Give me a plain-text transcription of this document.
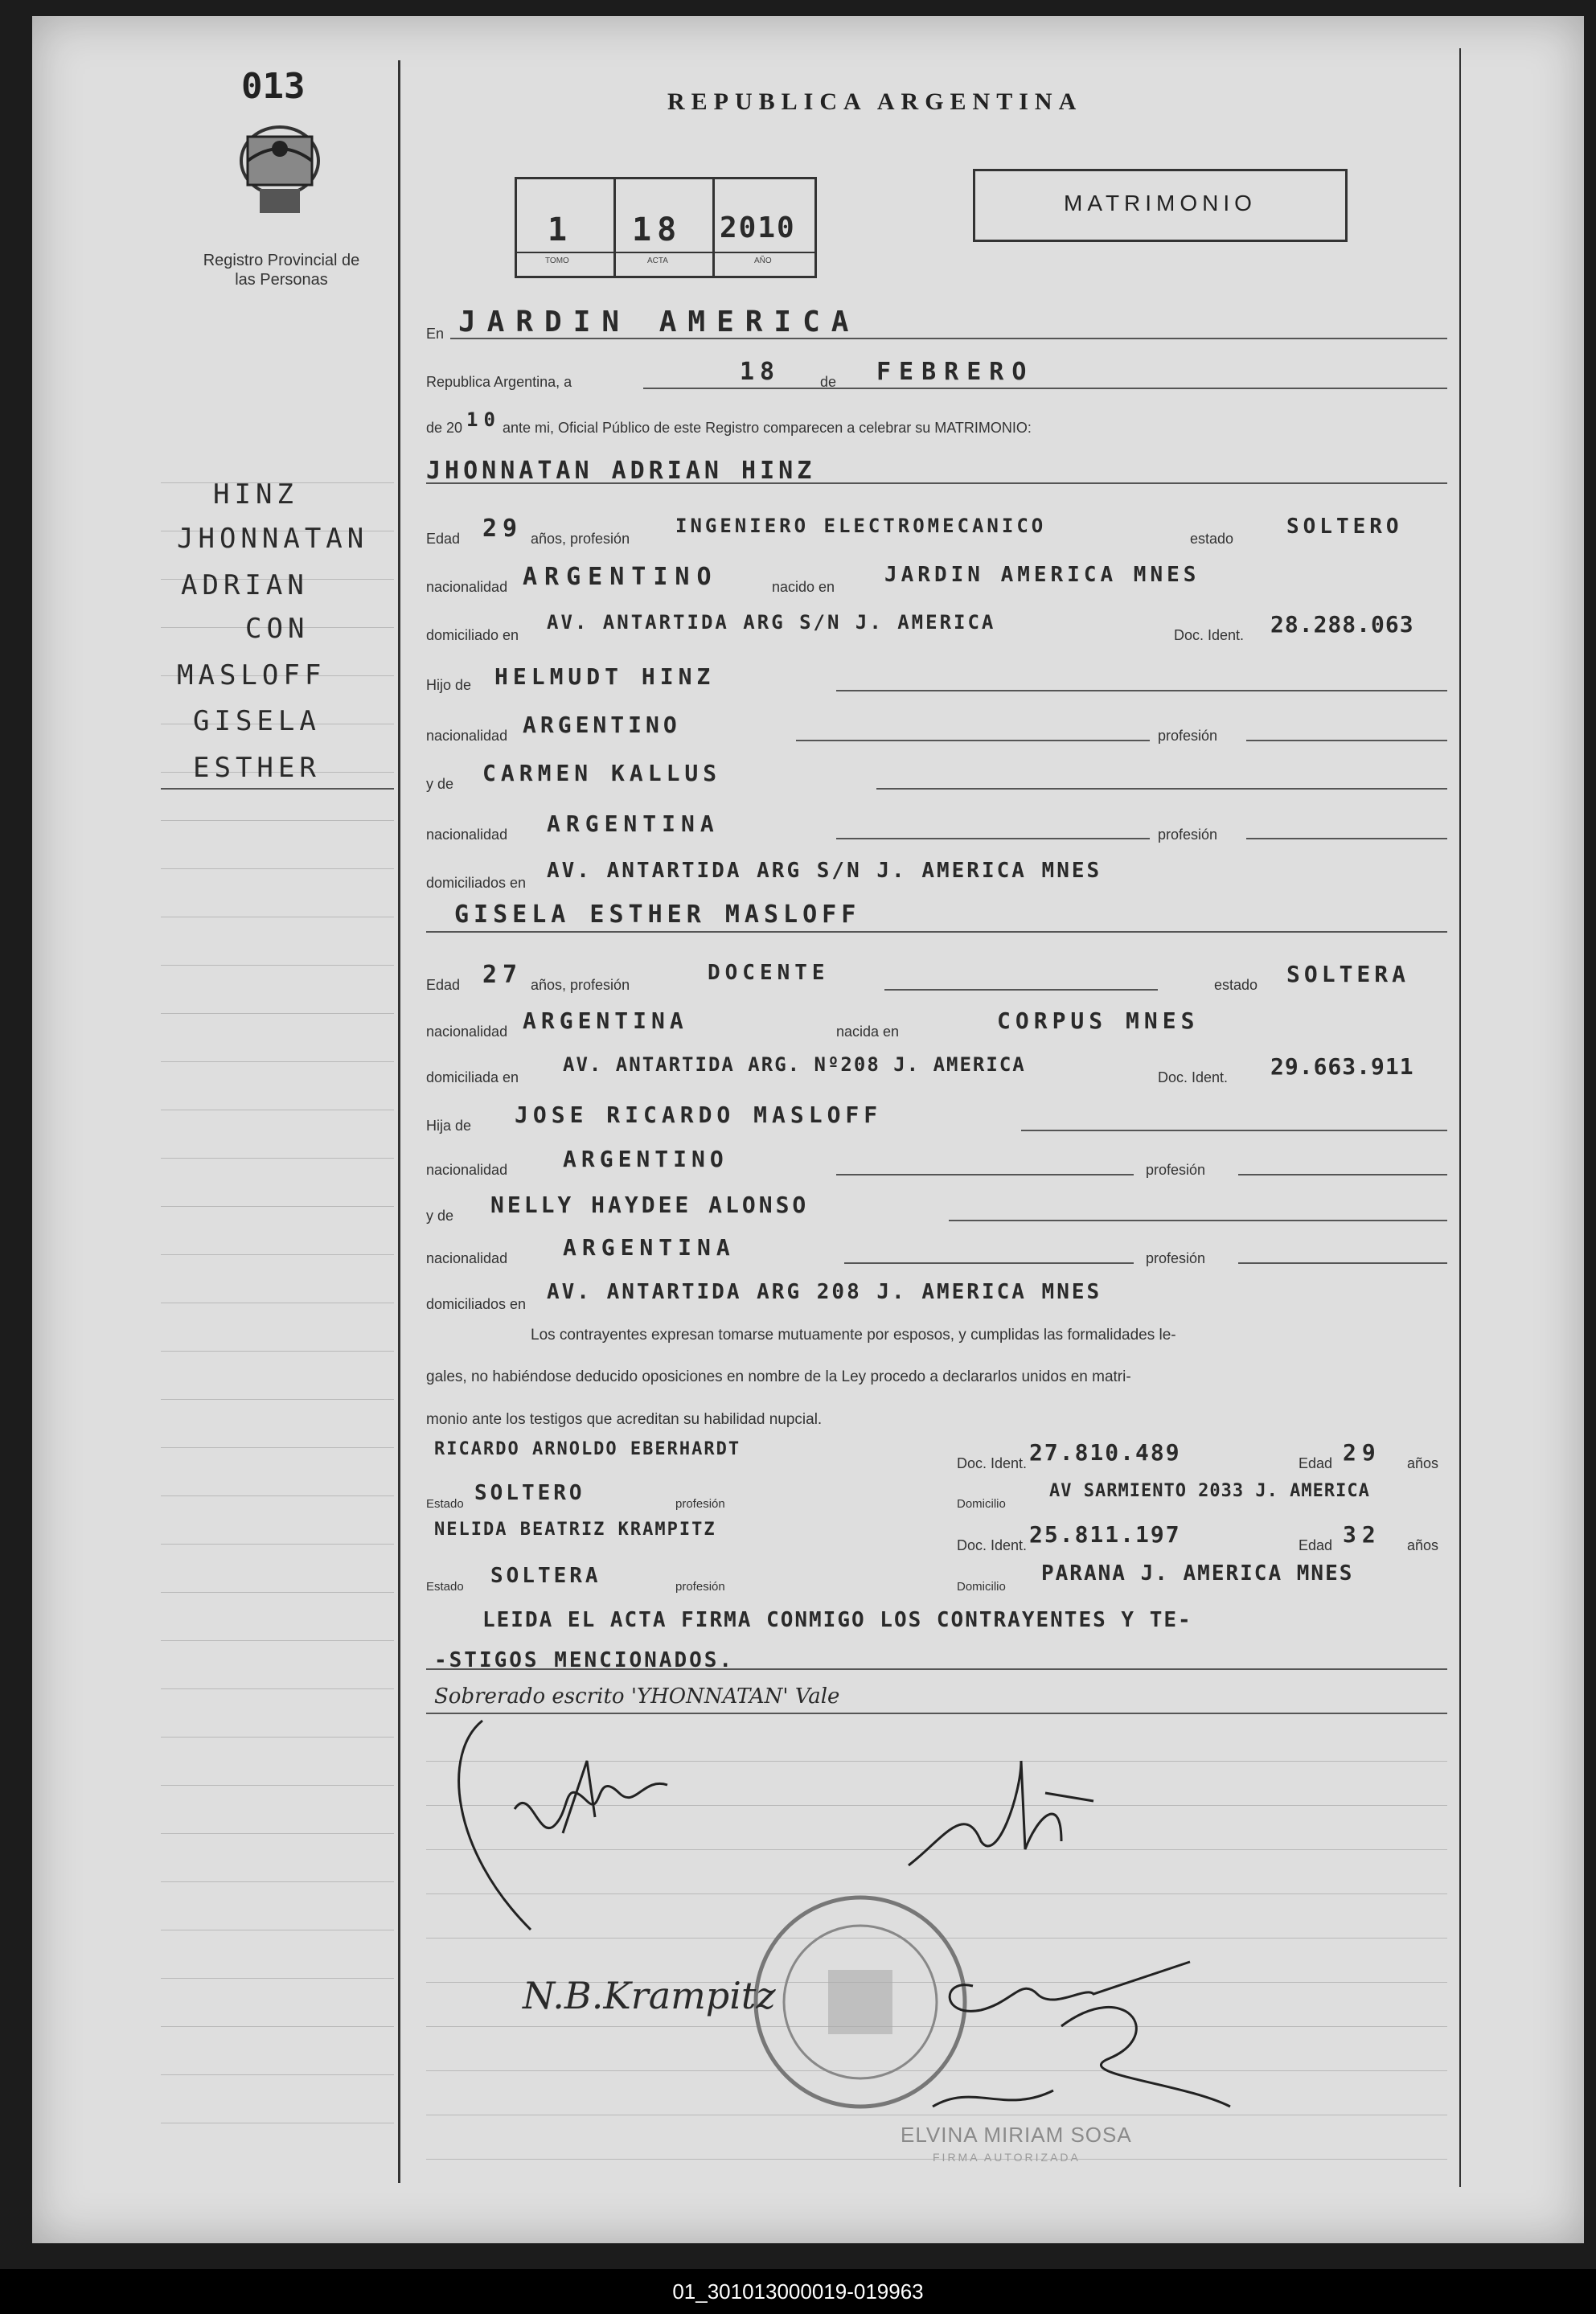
013
Registro Provincial de las Personas
REPUBLICA ARGENTINA
1 18 2010
TOMO	ACTA	AÑO
MATRIMONIO
HINZ
JHONNATAN
ADRIAN
CON
MASLOFF
GISELA
ESTHER
En JARDIN AMERICA
Republica Argentina, a	18	de FEBRERO
de 20 10 ante mi, Oficial Público de este Registro comparecen a celebrar su MATRIMONIO:
JHONNATAN ADRIAN HINZ
Edad 29 años, profesión
INGENIERO ELECTROMECANICO
estado	SOLTERO
nacionalidad ARGENTINO	nacido en JARDIN AMERICA MNES
domiciliado en
AV. ANTARTIDA ARG S/N J. AMERICA
Doc. Ident. 28.288.063
Hijo de HELMUDT HINZ
nacionalidad ARGENTINO	profesión
y de CARMEN KALLUS
nacionalidad ARGENTINA	profesión
domiciliados en AV. ANTARTIDA ARG S/N J. AMERICA MNES
GISELA ESTHER MASLOFF
Edad 27 años, profesión	DOCENTE	estado SOLTERA
nacionalidad ARGENTINA	nacida en	CORPUS MNES
domiciliada en
AV. ANTARTIDA ARG. Nº208 J. AMERICA
Doc. Ident. 29.663.911
Hija de JOSE RICARDO MASLOFF
nacionalidad ARGENTINO	profesión
y de NELLY HAYDEE ALONSO
nacionalidad ARGENTINA	profesión
domiciliados en AV. ANTARTIDA ARG 208 J. AMERICA MNES
Los contrayentes expresan tomarse mutuamente por esposos, y cumplidas las formalidades le-
gales, no habiéndose deducido oposiciones en nombre de la Ley procedo a declararlos unidos en matri-
monio ante los testigos que acreditan su habilidad nupcial.
RICARDO ARNOLDO EBERHARDT
Doc. Ident. 27.810.489	Edad 29 años
Estado SOLTERO	profesión	Domicilio
AV SARMIENTO 2033 J. AMERICA
NELIDA BEATRIZ KRAMPITZ
Doc. Ident. 25.811.197	Edad 32 años
Estado SOLTERA	profesión	Domicilio
PARANA J. AMERICA MNES
LEIDA EL ACTA FIRMA CONMIGO LOS CONTRAYENTES Y TE-
-STIGOS MENCIONADOS.
Sobrerado escrito 'YHONNATAN' Vale
N.B.Krampitz
ELVINA MIRIAM SOSA
FIRMA AUTORIZADA
01_301013000019-019963
